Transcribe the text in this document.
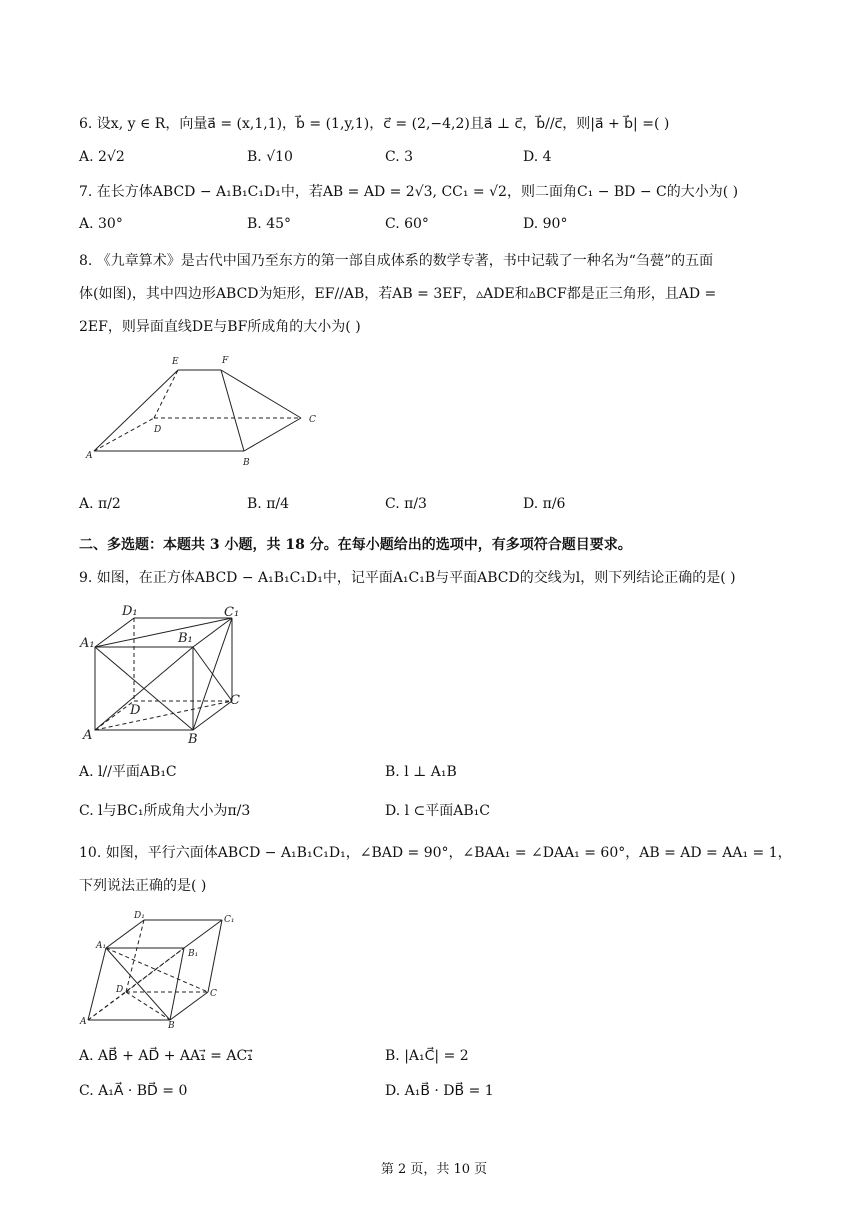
6. 设x, y ∈ R，向量a⃗ = (x,1,1)，b⃗ = (1,y,1)，c⃗ = (2,−4,2)且a⃗ ⊥ c⃗，b⃗//c⃗，则|a⃗ + b⃗| =( )
A. 2√2	B. √10	C. 3	D. 4
7. 在长方体ABCD − A₁B₁C₁D₁中，若AB = AD = 2√3, CC₁ = √2，则二面角C₁ − BD − C的大小为( )
A. 30°	B. 45°	C. 60°	D. 90°
8. 《九章算术》是古代中国乃至东方的第一部自成体系的数学专著，书中记载了一种名为“刍甍”的五面
体(如图)，其中四边形ABCD为矩形，EF//AB，若AB = 3EF，▵ADE和▵BCF都是正三角形，且AD =
2EF，则异面直线DE与BF所成角的大小为( )
E	F
A
B
C
D
A. π/2	B. π/4	C. π/3	D. π/6
二、多选题：本题共 3 小题，共 18 分。在每小题给出的选项中，有多项符合题目要求。
9. 如图，在正方体ABCD − A₁B₁C₁D₁中，记平面A₁C₁B与平面ABCD的交线为l，则下列结论正确的是( )
D₁	C₁
A₁	B₁
D
C
A	B
A. l//平面AB₁C	B. l ⊥ A₁B
C. l与BC₁所成角大小为π/3	D. l ⊂平面AB₁C
10. 如图，平行六面体ABCD − A₁B₁C₁D₁，∠BAD = 90°，∠BAA₁ = ∠DAA₁ = 60°，AB = AD = AA₁ = 1，
下列说法正确的是( )
D₁	C₁
A₁
B₁
D	C
A	B
A. AB⃗ + AD⃗ + AA₁⃗ = AC₁⃗	B. |A₁C⃗| = 2
C. A₁A⃗ · BD⃗ = 0	D. A₁B⃗ · DB⃗ = 1
第 2 页，共 10 页
